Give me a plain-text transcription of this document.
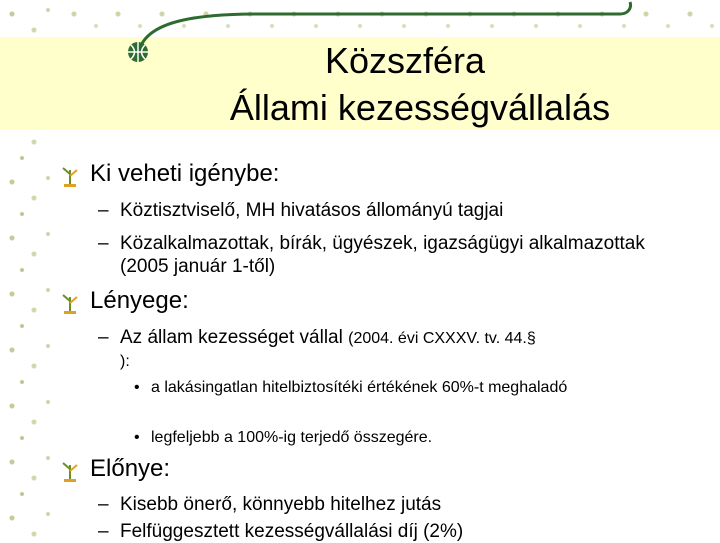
Közszféra
Állami kezességvállalás
Ki veheti igénybe:
– Köztisztviselő, MH hivatásos állományú tagjai
– Közalkalmazottak, bírák, ügyészek, igazságügyi alkalmazottak (2005 január 1-től)
Lényege:
– Az állam kezességet vállal (2004. évi CXXXV. tv. 44.§
):
• a lakásingatlan hitelbiztosítéki értékének 60%-t meghaladó
• legfeljebb a 100%-ig terjedő összegére.
Előnye:
– Kisebb önerő, könnyebb hitelhez jutás
– Felfüggesztett kezességvállalási díj (2%)
